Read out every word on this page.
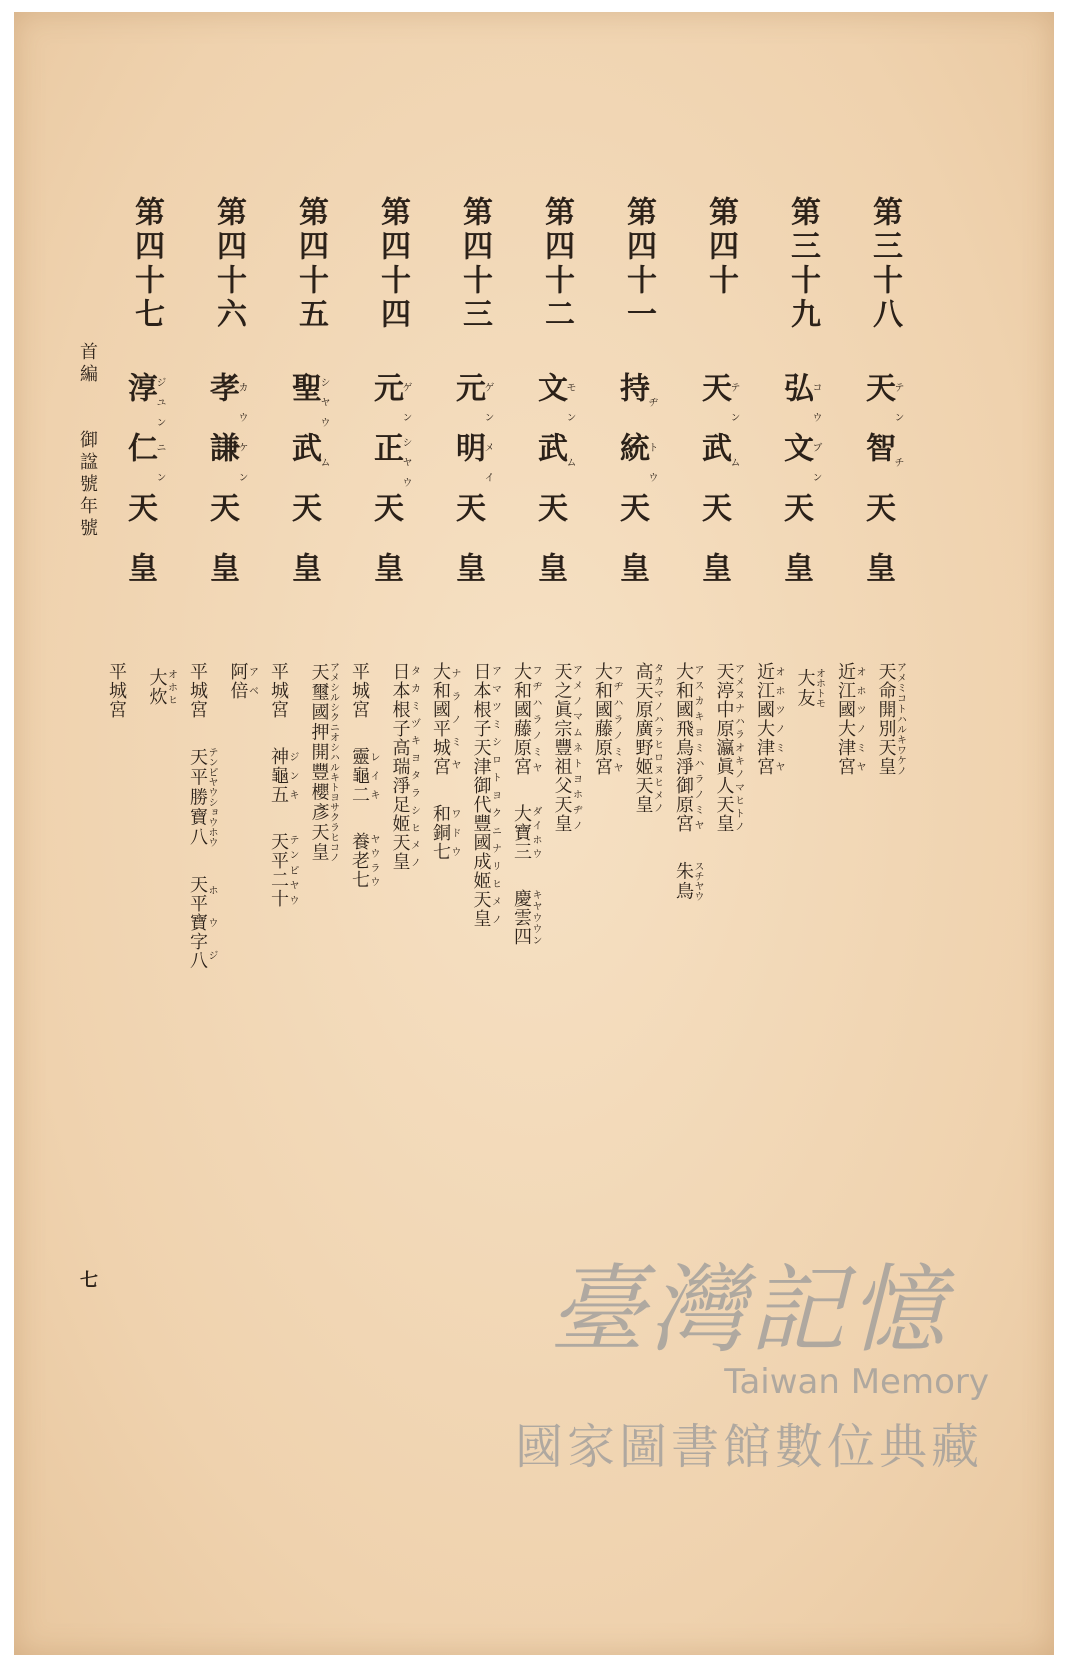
首編御諡號年號
第三十八
天テン智チ天皇
第三十九
弘コウ文ブン天皇
第四十
天テン武ム天皇
第四十一
持ヂ統トウ天皇
第四十二
文モン武ム天皇
第四十三
元ゲン明メイ天皇
第四十四
元ゲン正シヤウ天皇
第四十五
聖シヤウ武ム天皇
第四十六
孝カウ謙ケン天皇
第四十七
淳ジユン仁ニン天皇
天命開別天皇アメミコトハルキワケノ
近江國大津宮オホツノミヤ
大友オホトモ
近江國大津宮オホツノミヤ
天渟中原瀛眞人天皇アメヌナハラオキノマヒトノ
大和國飛鳥淨御原宮アスカキヨミハラノミヤ朱鳥スチヤウ
高天原廣野姬天皇タカマノハラヒロヌヒメノ
大和國藤原宮フヂハラノミヤ
天之眞宗豐祖父天皇アメノマムネトヨホヂノ
大和國藤原宮フヂハラノミヤ大寶三ダイホウ慶雲四キヤウウン
日本根子天津御代豐國成姬天皇アマツミシロトヨクニナリヒメノ
大和國平城宮ナラノミヤ和銅七ワドウ
日本根子高瑞淨足姬天皇タカミヅキヨタラシヒメノ
平城宮靈龜二レイキ養老七ヤウラウ
天璽國押開豐櫻彥天皇アメシルシクニオシハルキトヨサクラヒコノ
平城宮神龜五ジンキ天平二十テンピヤウ
阿倍アベ
平城宮天平勝寶八テンピヤウショウホウ天平寶字八ホウジ
大炊オホヒ
平城宮
七	臺灣記憶
Taiwan Memory
國家圖書館數位典藏
